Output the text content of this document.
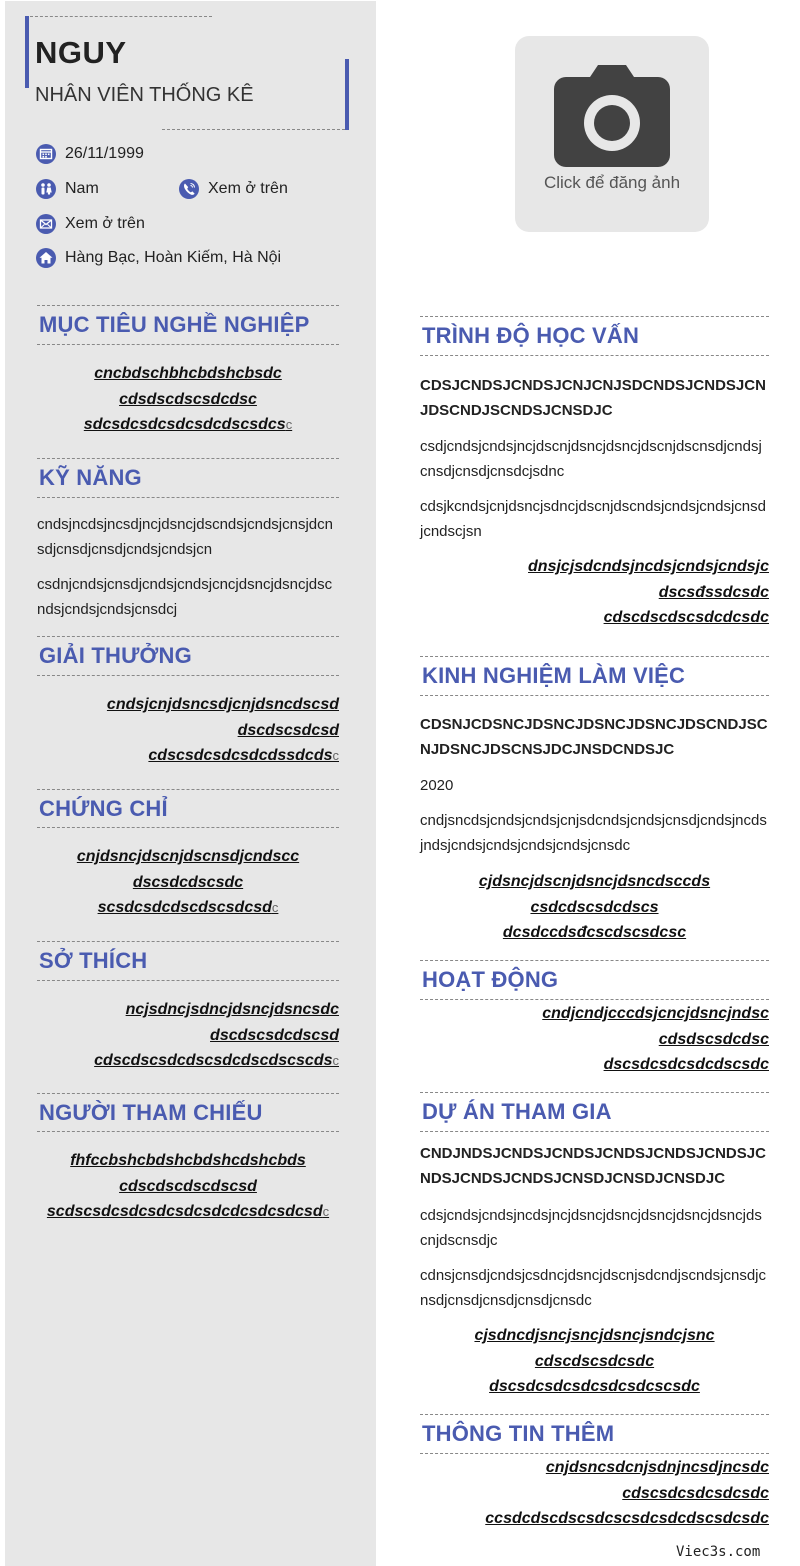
NGUY
NHÂN VIÊN THỐNG KÊ
26/11/1999
Nam	Xem ở trên
Xem ở trên
Hàng Bạc, Hoàn Kiếm, Hà Nội
Click để đăng ảnh
MỤC TIÊU NGHỀ NGHIỆP
cncbdschbhcbdshcbsdc
cdsdscdscsdcdsc
sdcsdcsdcsdcsdcdscsdcsc
KỸ NĂNG
cndsjncdsjncsdjncjdsncjdscndsjcndsjcnsjdcnsdjcnsdjcnsdjcndsjcndsjcn
csdnjcndsjcnsdjcndsjcndsjcncjdsncjdsncjdscndsjcndsjcndsjcnsdcj
GIẢI THƯỞNG
cndsjcnjdsncsdjcnjdsncdscsd
dscdscsdcsd
cdscsdcsdcsdcdssdcdsc
CHỨNG CHỈ
cnjdsncjdscnjdscnsdjcndscc
dscsdcdscsdc
scsdcsdcdscdscsdcsdc
SỞ THÍCH
ncjsdncjsdncjdsncjdsncsdc
dscdscsdcdscsd
cdscdscsdcdscsdcdscdscscdsc
NGƯỜI THAM CHIẾU
fhfccbshcbdshcbdshcdshcbds
cdscdscdscdscsd
scdscsdcsdcsdcsdcsdcdcsdcsdcsdc
TRÌNH ĐỘ HỌC VẤN
CDSJCNDSJCNDSJCNJCNJSDCNDSJCNDSJCNJDSCNDJSCNDSJCNSDJC
csdjcndsjcndsjncjdscnjdsncjdsncjdscnjdscnsdjcndsjcnsdjcnsdjcnsdcjsdnc
cdsjkcndsjcnjdsncjsdncjdscnjdscndsjcndsjcndsjcnsdjcndscjsn
dnsjcjsdcndsjncdsjcndsjcndsjc
dscsđssdcsdc
cdscdscdscsdcdcsdc
KINH NGHIỆM LÀM VIỆC
CDSNJCDSNCJDSNCJDSNCJDSNCJDSCNDJSCNJDSNCJDSCNSJDCJNSDCNDSJC
2020
cndjsncdsjcndsjcndsjcnjsdcndsjcndsjcnsdjcndsjncdsjndsjcndsjcndsjcndsjcndsjcnsdc
cjdsncjdscnjdsncjdsncdsccds
csdcdscsdcdscs
dcsdccdsđcscdscsdcsc
HOẠT ĐỘNG
cndjcndjcccdsjcncjdsncjndsc
cdsdscsdcdsc
dscsdcsdcsdcdscsdc
DỰ ÁN THAM GIA
CNDJNDSJCNDSJCNDSJCNDSJCNDSJCNDSJCNDSJCNDSJCNDSJCNSDJCNSDJCNSDJC
cdsjcndsjcndsjncdsjncjdsncjdsncjdsncjdsncjdsncjdscnjdscnsdjc
cdnsjcnsdjcndsjcsdncjdsncjdscnjsdcndjscndsjcnsdjcnsdjcnsdjcnsdjcnsdjcnsdc
cjsdncdjsncjsncjdsncjsndcjsnc
cdscdscsdcsdc
dscsdcsdcsdcsdcsdcscsdc
THÔNG TIN THÊM
cnjdsncsdcnjsdnjncsdjncsdc
cdscsdcsdcsdcsdc
ccsdcdscdscsdcscsdcsdcdscsdcsdc
Viec3s.com
